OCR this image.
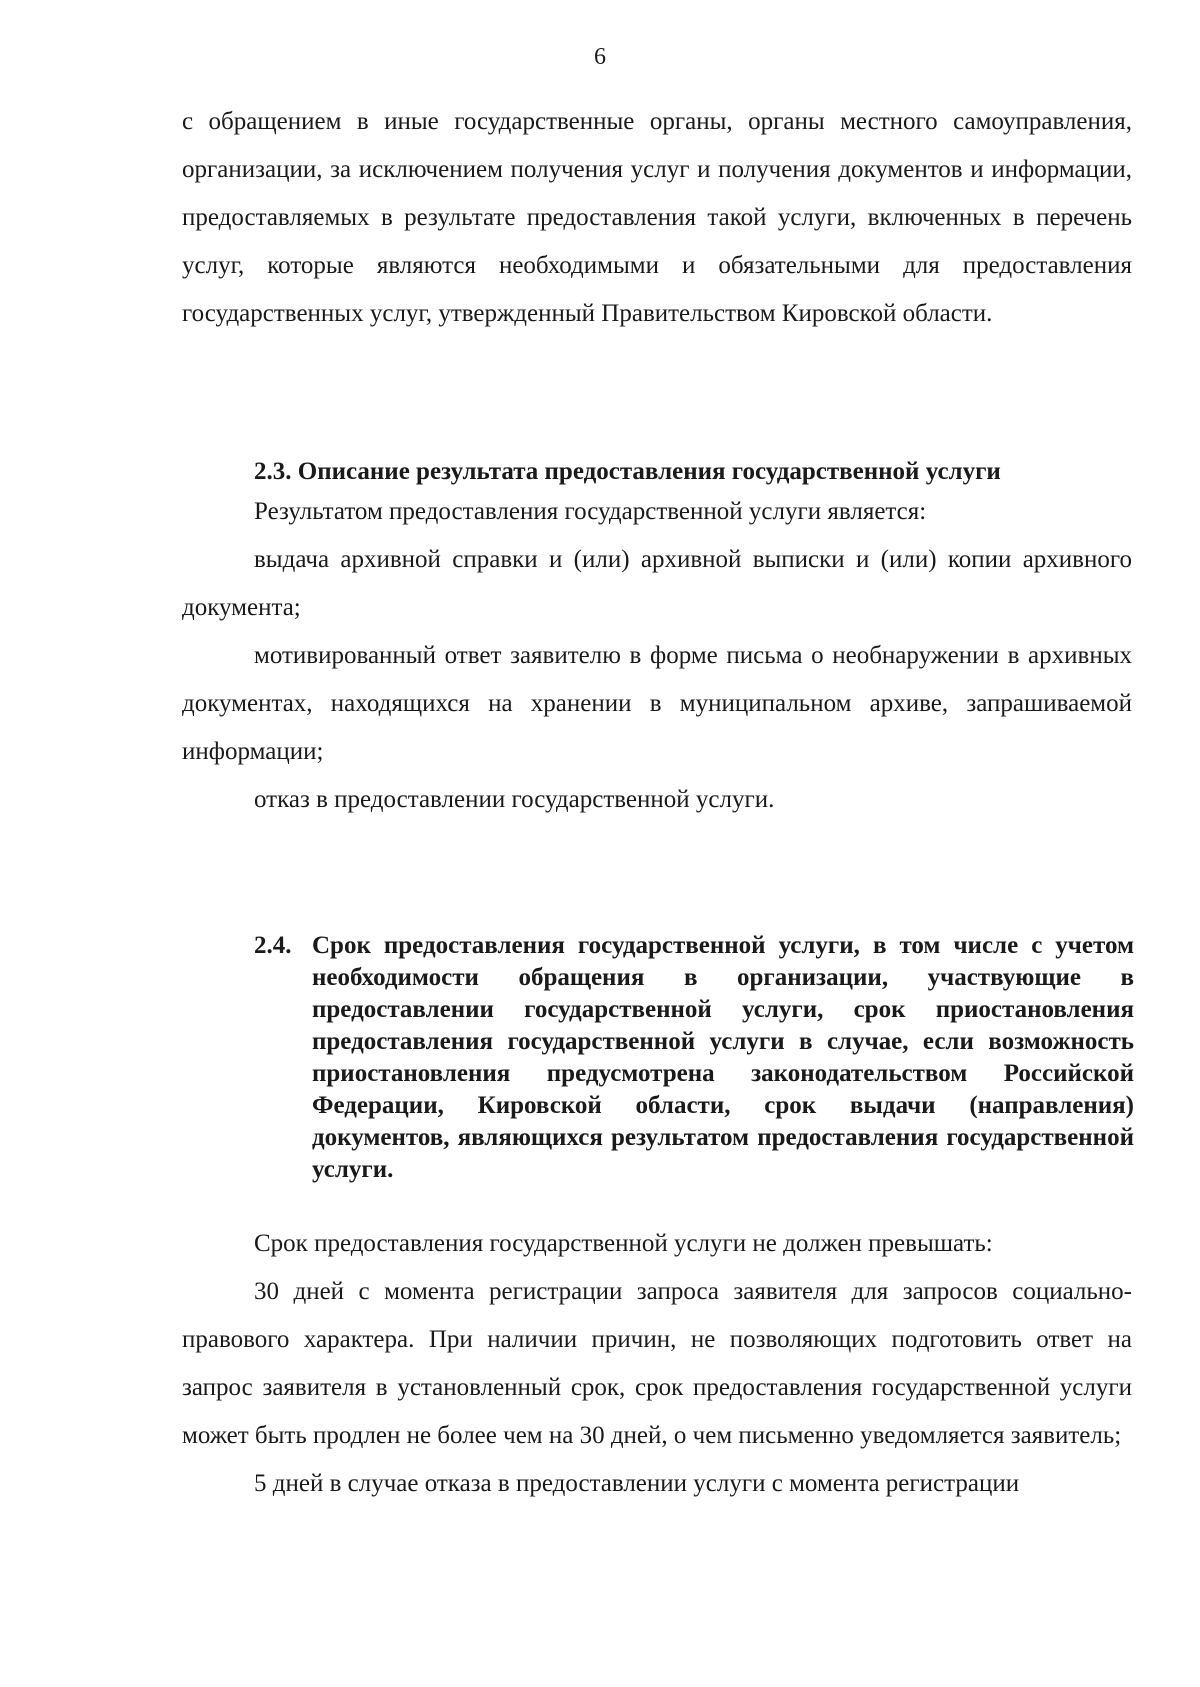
6

с обращением в иные государственные органы, органы местного самоуправления, организации, за исключением получения услуг и получения документов и информации, предоставляемых в результате предоставления такой услуги, включенных в перечень услуг, которые являются необходимыми и обязательными для предоставления государственных услуг, утвержденный Правительством Кировской области.

2.3. Описание результата предоставления государственной услуги

Результатом предоставления государственной услуги является:

выдача архивной справки и (или) архивной выписки и (или) копии архивного документа;

мотивированный ответ заявителю в форме письма о необнаружении в архивных документах, находящихся на хранении в муниципальном архиве, запрашиваемой информации;

отказ в предоставлении государственной услуги.

2.4. Срок предоставления государственной услуги, в том числе с учетом необходимости обращения в организации, участвующие в предоставлении государственной услуги, срок приостановления предоставления государственной услуги в случае, если возможность приостановления предусмотрена законодательством Российской Федерации, Кировской области, срок выдачи (направления) документов, являющихся результатом предоставления государственной услуги.

Срок предоставления государственной услуги не должен превышать:

30 дней с момента регистрации запроса заявителя для запросов социально-правового характера. При наличии причин, не позволяющих подготовить ответ на запрос заявителя в установленный срок, срок предоставления государственной услуги может быть продлен не более чем на 30 дней, о чем письменно уведомляется заявитель;

5 дней в случае отказа в предоставлении услуги с момента регистрации
